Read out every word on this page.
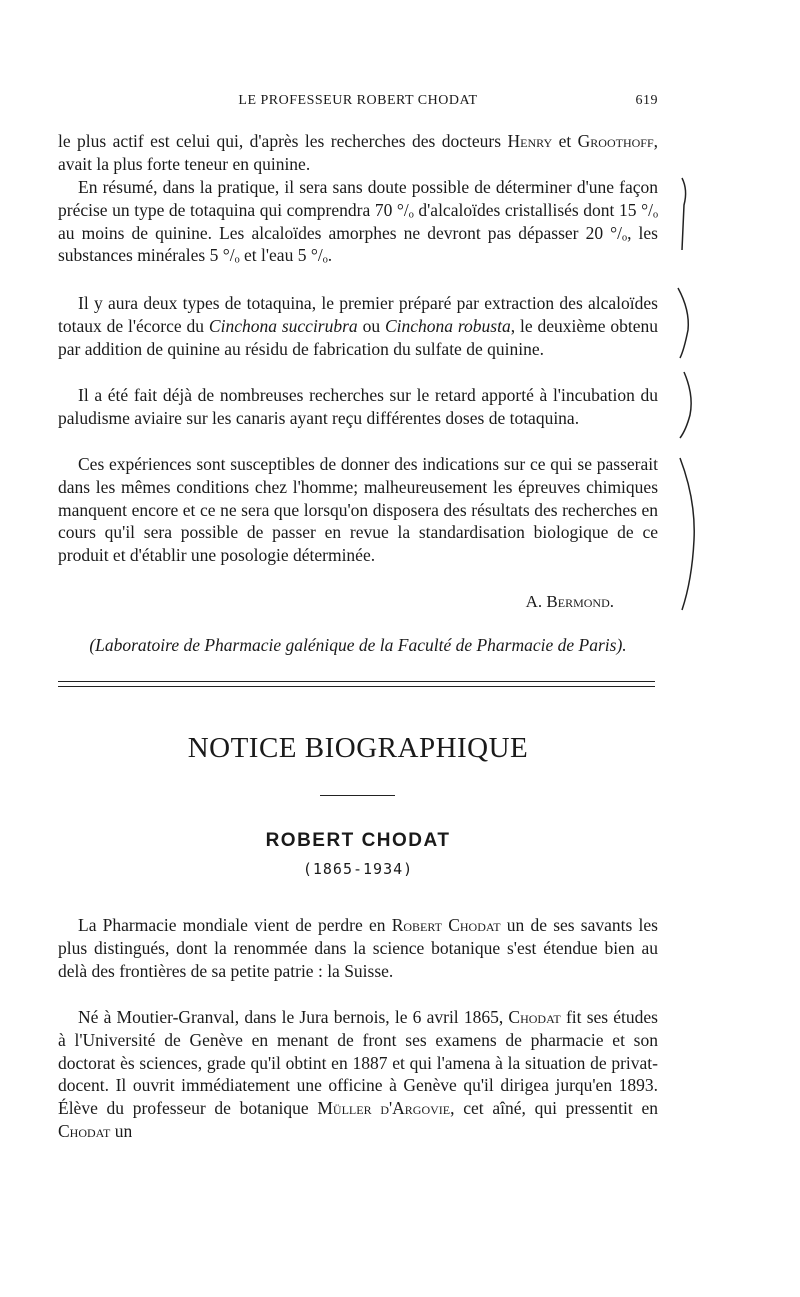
LE PROFESSEUR ROBERT CHODAT	619

le plus actif est celui qui, d'après les recherches des docteurs Henry et Groothoff, avait la plus forte teneur en quinine.

En résumé, dans la pratique, il sera sans doute possible de déterminer d'une façon précise un type de totaquina qui comprendra 70 °/ₒ d'alcaloïdes cristallisés dont 15 °/ₒ au moins de quinine. Les alcaloïdes amorphes ne devront pas dépasser 20 °/ₒ, les substances minérales 5 °/ₒ et l'eau 5 °/ₒ.

Il y aura deux types de totaquina, le premier préparé par extraction des alcaloïdes totaux de l'écorce du Cinchona succirubra ou Cinchona robusta, le deuxième obtenu par addition de quinine au résidu de fabrication du sulfate de quinine.

Il a été fait déjà de nombreuses recherches sur le retard apporté à l'incubation du paludisme aviaire sur les canaris ayant reçu différentes doses de totaquina.

Ces expériences sont susceptibles de donner des indications sur ce qui se passerait dans les mêmes conditions chez l'homme; malheureusement les épreuves chimiques manquent encore et ce ne sera que lorsqu'on disposera des résultats des recherches en cours qu'il sera possible de passer en revue la standardisation biologique de ce produit et d'établir une posologie déterminée.

A. Bermond.
(Laboratoire de Pharmacie galénique de la Faculté de Pharmacie de Paris).
NOTICE BIOGRAPHIQUE
ROBERT CHODAT
(1865-1934)

La Pharmacie mondiale vient de perdre en Robert Chodat un de ses savants les plus distingués, dont la renommée dans la science botanique s'est étendue bien au delà des frontières de sa petite patrie : la Suisse.

Né à Moutier-Granval, dans le Jura bernois, le 6 avril 1865, Chodat fit ses études à l'Université de Genève en menant de front ses examens de pharmacie et son doctorat ès sciences, grade qu'il obtint en 1887 et qui l'amena à la situation de privat-docent. Il ouvrit immédiatement une officine à Genève qu'il dirigea jurqu'en 1893. Élève du professeur de botanique Müller d'Argovie, cet aîné, qui pressentit en Chodat un
